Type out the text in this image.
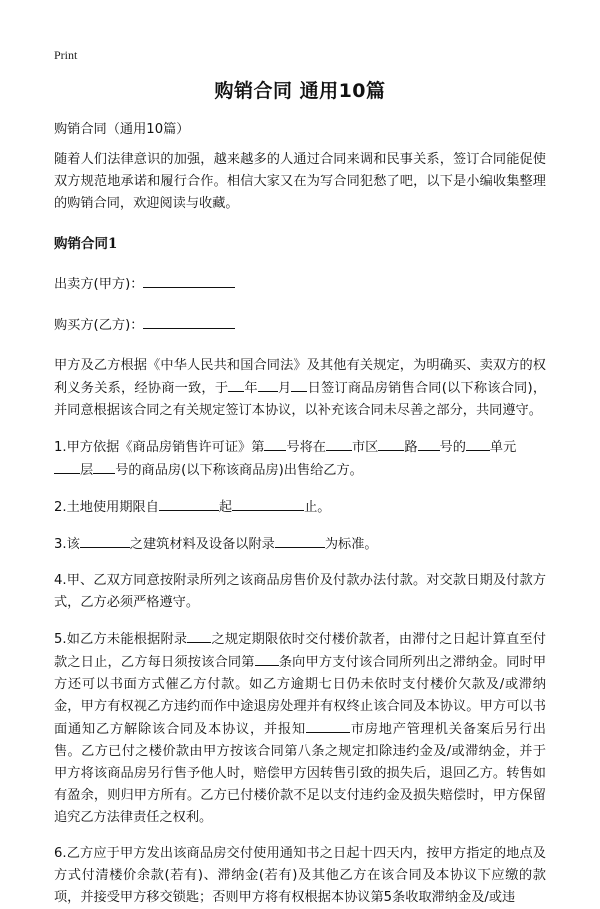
Print
购销合同 通用10篇

购销合同（通用10篇）

随着人们法律意识的加强，越来越多的人通过合同来调和民事关系，签订合同能促使双方规范地承诺和履行合作。相信大家又在为写合同犯愁了吧，以下是小编收集整理的购销合同，欢迎阅读与收藏。

购销合同1

出卖方(甲方)：

购买方(乙方)：

甲方及乙方根据《中华人民共和国合同法》及其他有关规定，为明确买、卖双方的权利义务关系，经协商一致，于 年 月 日签订商品房销售合同(以下称该合同)，并同意根据该合同之有关规定签订本协议，以补充该合同未尽善之部分，共同遵守。

1.甲方依据《商品房销售许可证》第 号将在 市区 路 号的 单元
层 号的商品房(以下称该商品房)出售给乙方。

2.土地使用期限自	起	止。

3.该	之建筑材料及设备以附录	为标准。

4.甲、乙双方同意按附录所列之该商品房售价及付款办法付款。对交款日期及付款方式，乙方必须严格遵守。

5.如乙方未能根据附录 之规定期限依时交付楼价款者，由滞付之日起计算直至付款之日止，乙方每日须按该合同第 条向甲方支付该合同所列出之滞纳金。同时甲方还可以书面方式催乙方付款。如乙方逾期七日仍未依时支付楼价欠款及/或滞纳金，甲方有权视乙方违约而作中途退房处理并有权终止该合同及本协议。甲方可以书面通知乙方解除该合同及本协议，并报知	市房地产管理机关备案后另行出售。乙方已付之楼价款由甲方按该合同第八条之规定扣除违约金及/或滞纳金，并于甲方将该商品房另行售予他人时，赔偿甲方因转售引致的损失后，退回乙方。转售如有盈余，则归甲方所有。乙方已付楼价款不足以支付违约金及损失赔偿时，甲方保留追究乙方法律责任之权利。

6.乙方应于甲方发出该商品房交付使用通知书之日起十四天内，按甲方指定的地点及方式付清楼价余款(若有)、滞纳金(若有)及其他乙方在该合同及本协议下应缴的款项，并接受甲方移交锁匙；否则甲方将有权根据本协议第5条收取滞纳金及/或违
